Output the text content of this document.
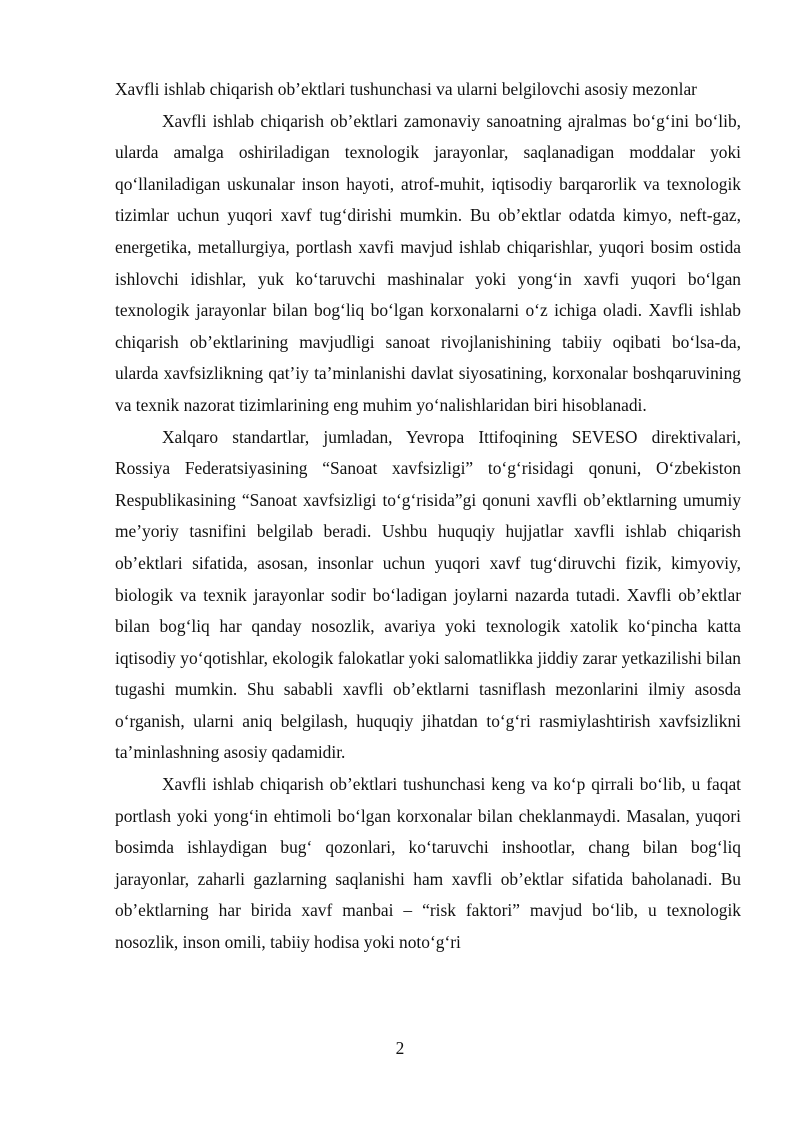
Xavfli ishlab chiqarish ob’ektlari tushunchasi va ularni belgilovchi asosiy mezonlar

Xavfli ishlab chiqarish ob’ektlari zamonaviy sanoatning ajralmas bo‘g‘ini bo‘lib, ularda amalga oshiriladigan texnologik jarayonlar, saqlanadigan moddalar yoki qo‘llaniladigan uskunalar inson hayoti, atrof-muhit, iqtisodiy barqarorlik va texnologik tizimlar uchun yuqori xavf tug‘dirishi mumkin. Bu ob’ektlar odatda kimyo, neft-gaz, energetika, metallurgiya, portlash xavfi mavjud ishlab chiqarishlar, yuqori bosim ostida ishlovchi idishlar, yuk ko‘taruvchi mashinalar yoki yong‘in xavfi yuqori bo‘lgan texnologik jarayonlar bilan bog‘liq bo‘lgan korxonalarni o‘z ichiga oladi. Xavfli ishlab chiqarish ob’ektlarining mavjudligi sanoat rivojlanishining tabiiy oqibati bo‘lsa-da, ularda xavfsizlikning qat’iy ta’minlanishi davlat siyosatining, korxonalar boshqaruvining va texnik nazorat tizimlarining eng muhim yo‘nalishlaridan biri hisoblanadi.

Xalqaro standartlar, jumladan, Yevropa Ittifoqining SEVESO direktivalari, Rossiya Federatsiyasining “Sanoat xavfsizligi” to‘g‘risidagi qonuni, O‘zbekiston Respublikasining “Sanoat xavfsizligi to‘g‘risida”gi qonuni xavfli ob’ektlarning umumiy me’yoriy tasnifini belgilab beradi. Ushbu huquqiy hujjatlar xavfli ishlab chiqarish ob’ektlari sifatida, asosan, insonlar uchun yuqori xavf tug‘diruvchi fizik, kimyoviy, biologik va texnik jarayonlar sodir bo‘ladigan joylarni nazarda tutadi. Xavfli ob’ektlar bilan bog‘liq har qanday nosozlik, avariya yoki texnologik xatolik ko‘pincha katta iqtisodiy yo‘qotishlar, ekologik falokatlar yoki salomatlikka jiddiy zarar yetkazilishi bilan tugashi mumkin. Shu sababli xavfli ob’ektlarni tasniflash mezonlarini ilmiy asosda o‘rganish, ularni aniq belgilash, huquqiy jihatdan to‘g‘ri rasmiylashtirish xavfsizlikni ta’minlashning asosiy qadamidir.

Xavfli ishlab chiqarish ob’ektlari tushunchasi keng va ko‘p qirrali bo‘lib, u faqat portlash yoki yong‘in ehtimoli bo‘lgan korxonalar bilan cheklanmaydi. Masalan, yuqori bosimda ishlaydigan bug‘ qozonlari, ko‘taruvchi inshootlar, chang bilan bog‘liq jarayonlar, zaharli gazlarning saqlanishi ham xavfli ob’ektlar sifatida baholanadi. Bu ob’ektlarning har birida xavf manbai – “risk faktori” mavjud bo‘lib, u texnologik nosozlik, inson omili, tabiiy hodisa yoki noto‘g‘ri

2
